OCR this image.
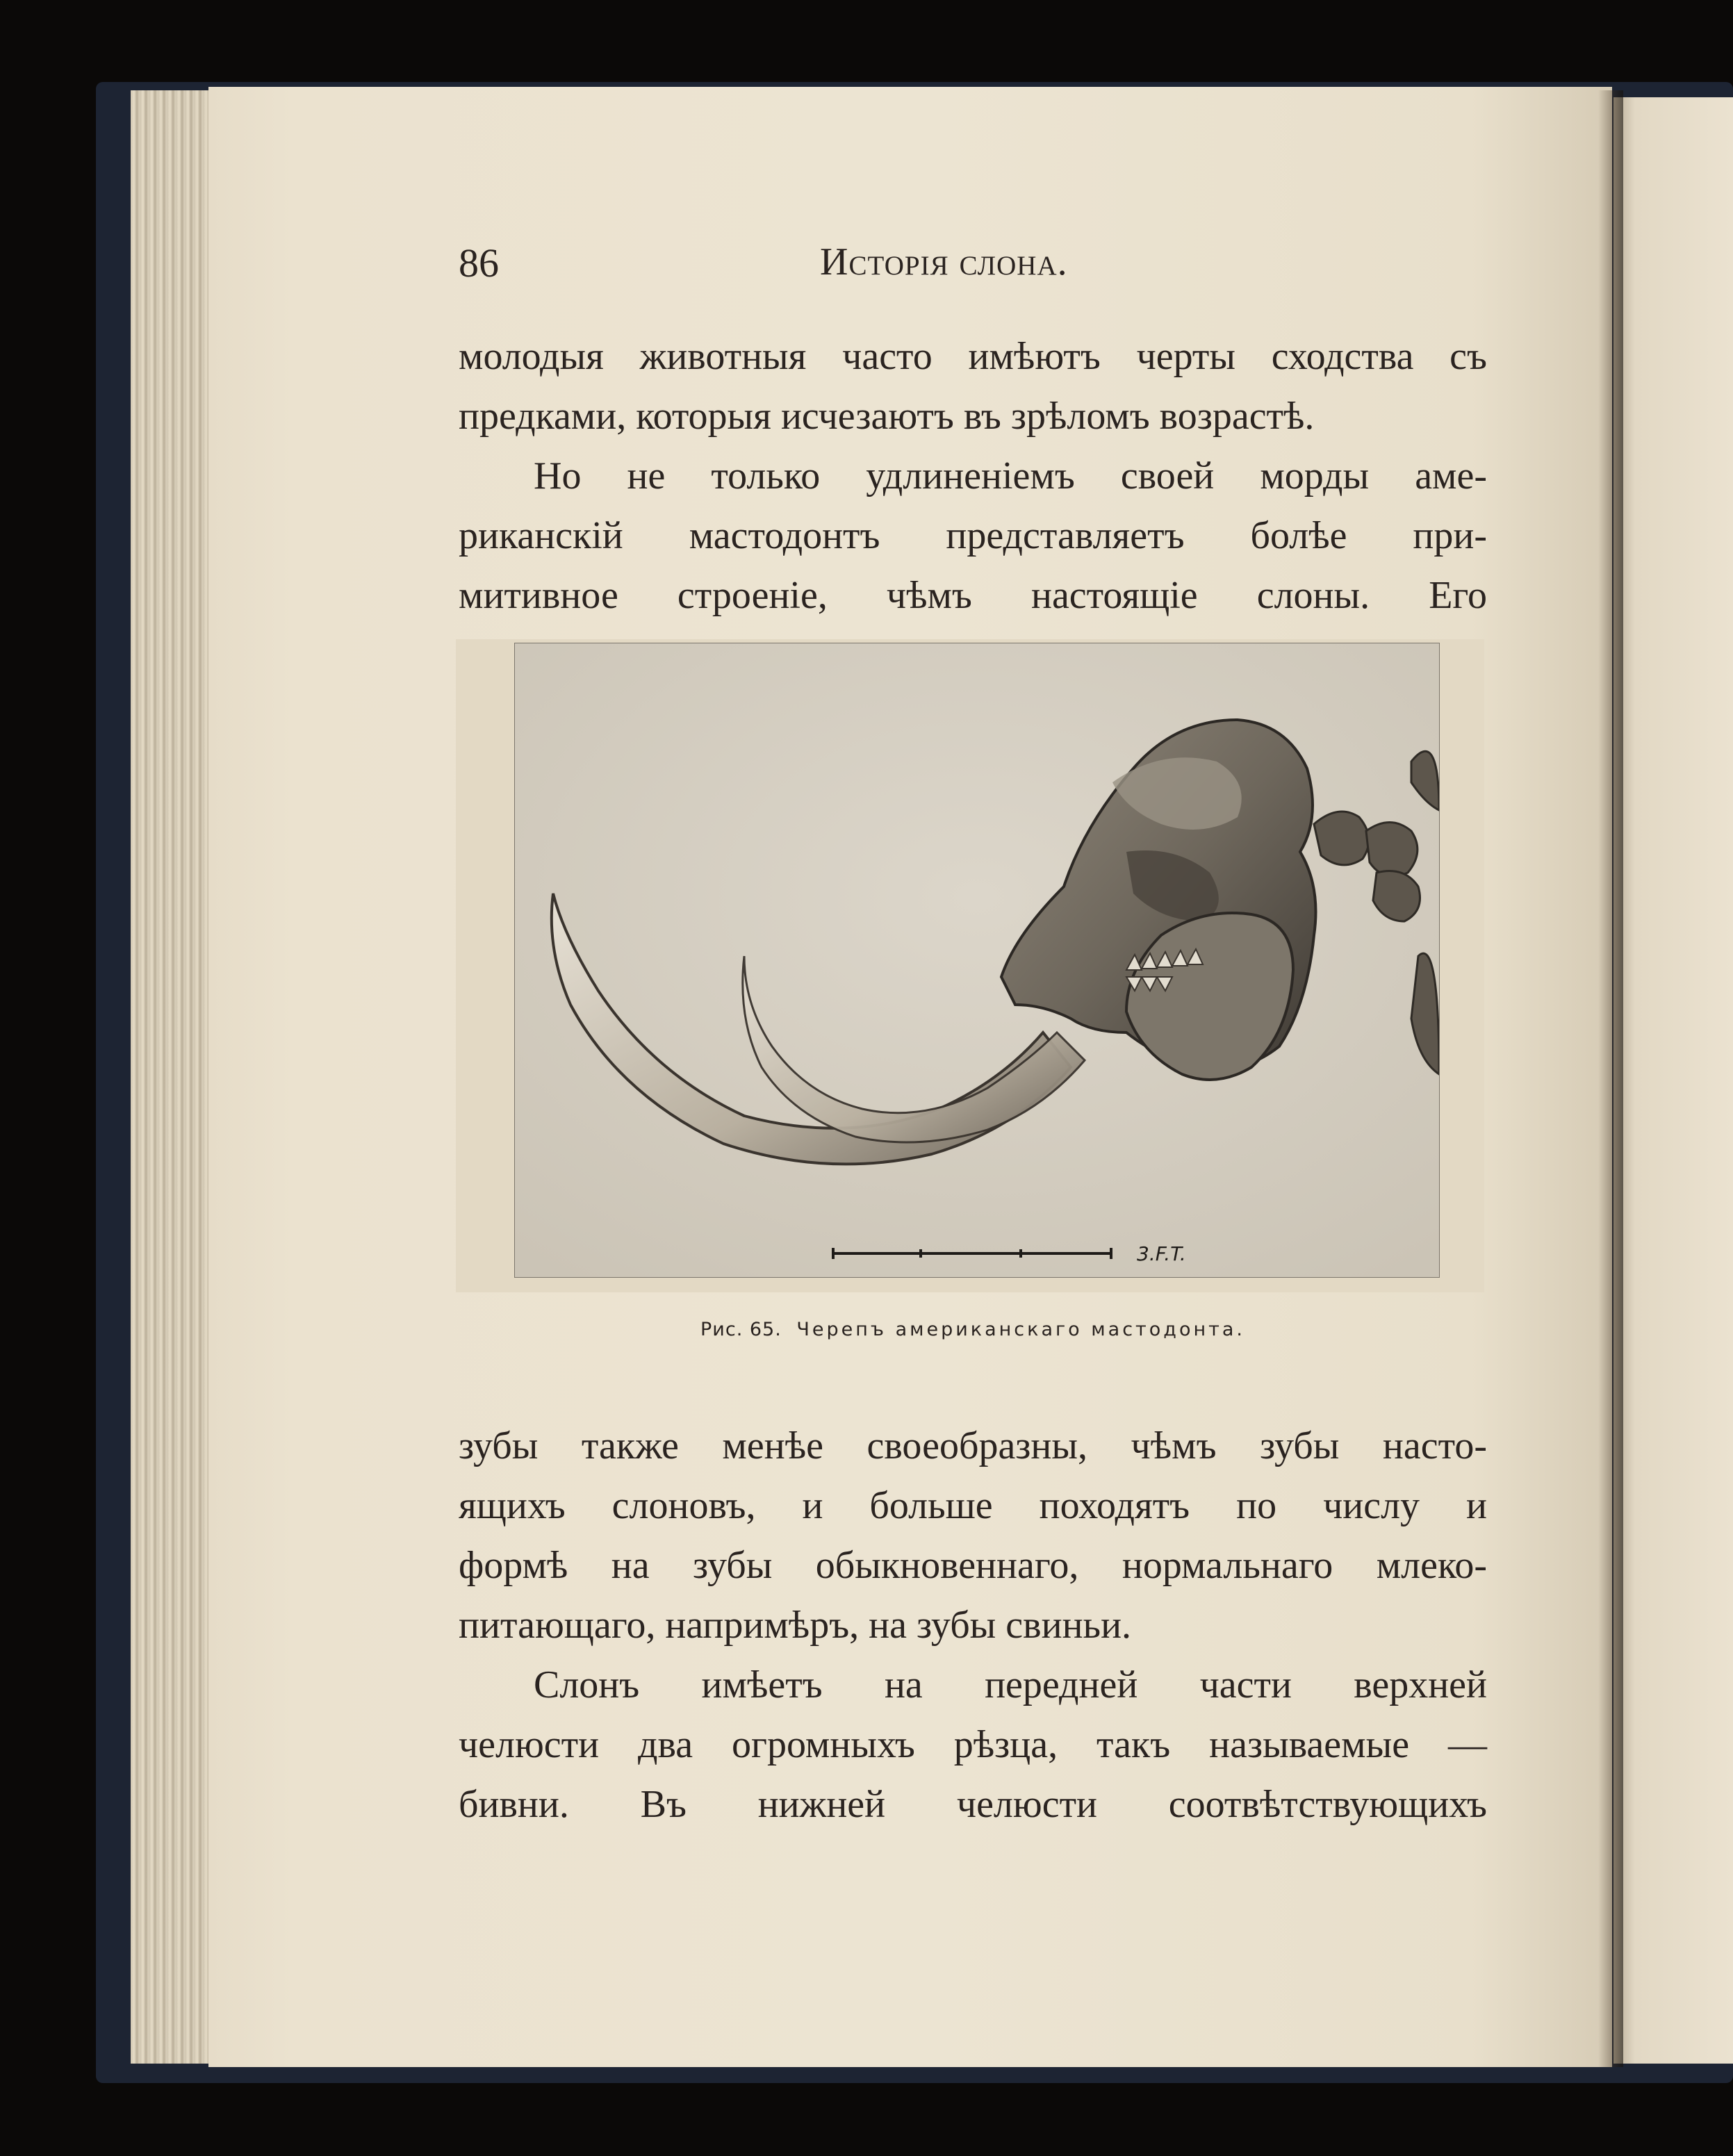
86	Исторія слона.
молодыя животныя часто имѣютъ черты сходства съ
предками, которыя исчезаютъ въ зрѣломъ возрастѣ.
Но не только удлиненіемъ своей морды аме-
риканскій мастодонтъ представляетъ болѣе при-
митивное строеніе, чѣмъ настоящіе слоны. Его
3.F.T.
Рис. 65. Черепъ американскаго мастодонта.
зубы также менѣе своеобразны, чѣмъ зубы насто-
ящихъ слоновъ, и больше походятъ по числу и
формѣ на зубы обыкновеннаго, нормальнаго млеко-
питающаго, напримѣръ, на зубы свиньи.
Слонъ имѣетъ на передней части верхней
челюсти два огромныхъ рѣзца, такъ называемые —
бивни. Въ нижней челюсти соотвѣтствующихъ
